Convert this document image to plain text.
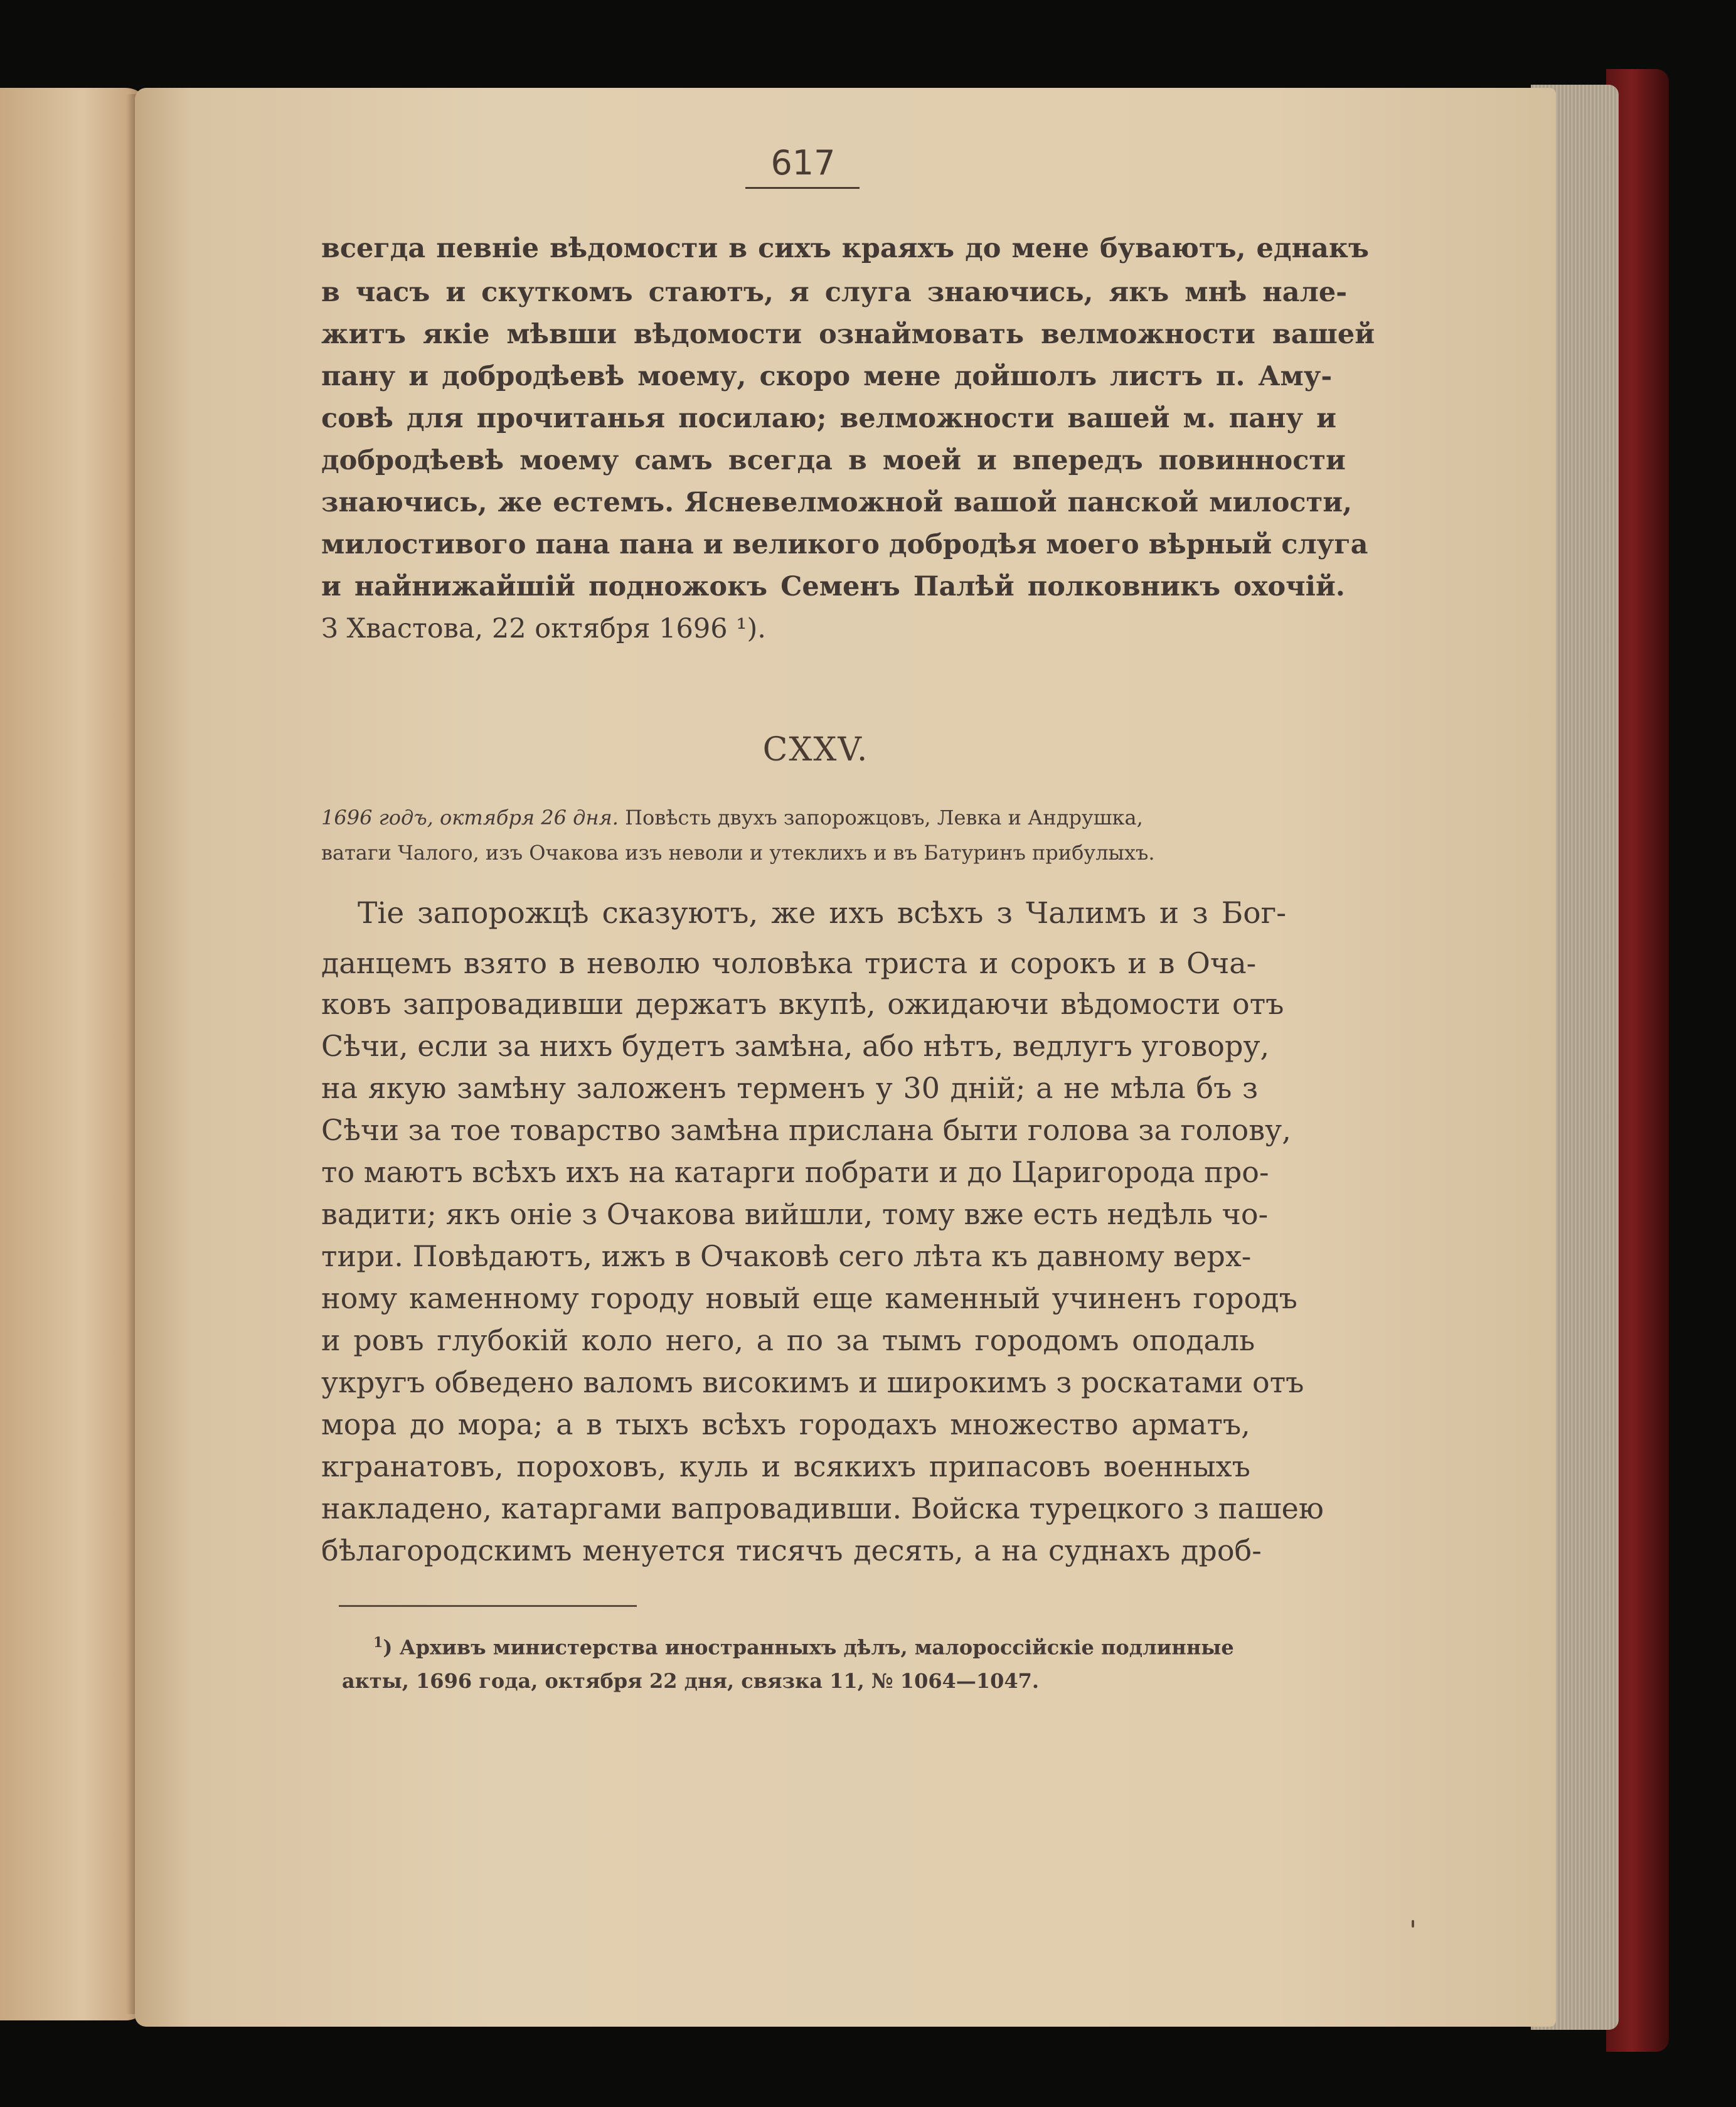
617
всегда певніе вѣдомости в сихъ краяхъ до мене буваютъ, еднакъ
в часъ и скуткомъ стаютъ, я слуга знаючись, якъ мнѣ нале-
житъ якіе мѣвши вѣдомости ознаймовать велможности вашей
пану и добродѣевѣ моему, скоро мене дойшолъ листъ п. Аму-
совѣ для прочитанья посилаю; велможности вашей м. пану и
добродѣевѣ моему самъ всегда в моей и впередъ повинности
знаючись, же естемъ. Ясневелможной вашой панской милости,
милостивого пана пана и великого добродѣя моего вѣрный слуга
и найнижайшій подножокъ Семенъ Палѣй полковникъ охочій.
З Хвастова, 22 октября 1696 ¹).
CXXV.
1696 годъ, октября 26 дня. Повѣсть двухъ запорожцовъ, Левка и Андрушка,
ватаги Чалого, изъ Очакова изъ неволи и утеклихъ и въ Батуринъ прибулыхъ.
Тіе запорожцѣ сказуютъ, же ихъ всѣхъ з Чалимъ и з Бог-
данцемъ взято в неволю чоловѣка триста и сорокъ и в Оча-
ковъ запровадивши держатъ вкупѣ, ожидаючи вѣдомости отъ
Сѣчи, если за нихъ будетъ замѣна, або нѣтъ, ведлугъ уговору,
на якую замѣну заложенъ терменъ у 30 дній; а не мѣла бъ з
Сѣчи за тое товарство замѣна прислана быти голова за голову,
то маютъ всѣхъ ихъ на катарги побрати и до Царигорода про-
вадити; якъ оніе з Очакова вийшли, тому вже есть недѣль чо-
тири. Повѣдаютъ, ижъ в Очаковѣ сего лѣта къ давному верх-
ному каменному городу новый еще каменный учиненъ городъ
и ровъ глубокій коло него, а по за тымъ городомъ оподаль
укругъ обведено валомъ високимъ и широкимъ з роскатами отъ
мора до мора; а в тыхъ всѣхъ городахъ множество арматъ,
кгранатовъ, пороховъ, куль и всякихъ припасовъ военныхъ
накладено, катаргами вапровадивши. Войска турецкого з пашею
бѣлагородскимъ менуется тисячъ десять, а на суднахъ дроб-
$^1$) Архивъ министерства иностранныхъ дѣлъ, малороссійскіе подлинные
акты, 1696 года, октября 22 дня, связка 11, № 1064—1047.
